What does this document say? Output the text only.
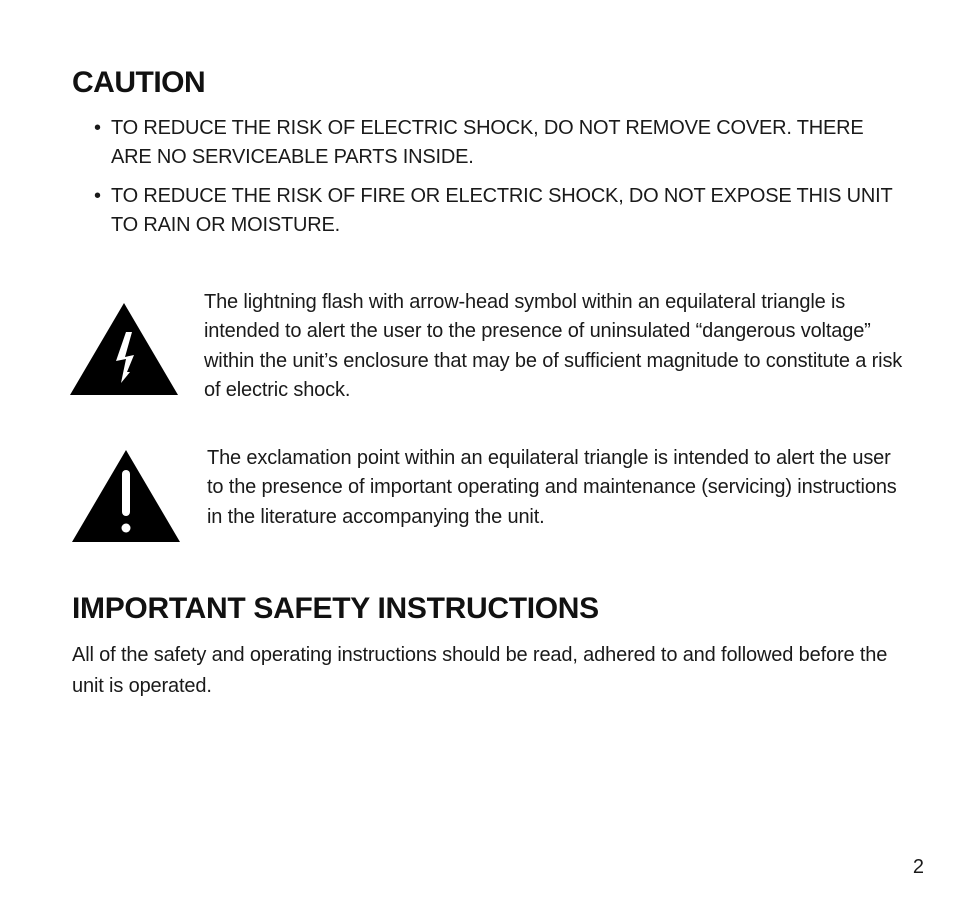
CAUTION
• TO REDUCE THE RISK OF ELECTRIC SHOCK, DO NOT REMOVE COVER. THERE ARE NO SERVICEABLE PARTS INSIDE.
• TO REDUCE THE RISK OF FIRE OR ELECTRIC SHOCK, DO NOT EXPOSE THIS UNIT TO RAIN OR MOISTURE.

The lightning flash with arrow-head symbol within an equilateral triangle is intended to alert the user to the presence of uninsulated “dangerous voltage” within the unit’s enclosure that may be of sufficient magnitude to constitute a risk of electric shock.

The exclamation point within an equilateral triangle is intended to alert the user to the presence of important operating and maintenance (servicing) instructions in the literature accompanying the unit.

IMPORTANT SAFETY INSTRUCTIONS

All of the safety and operating instructions should be read, adhered to and followed before the unit is operated.

2
